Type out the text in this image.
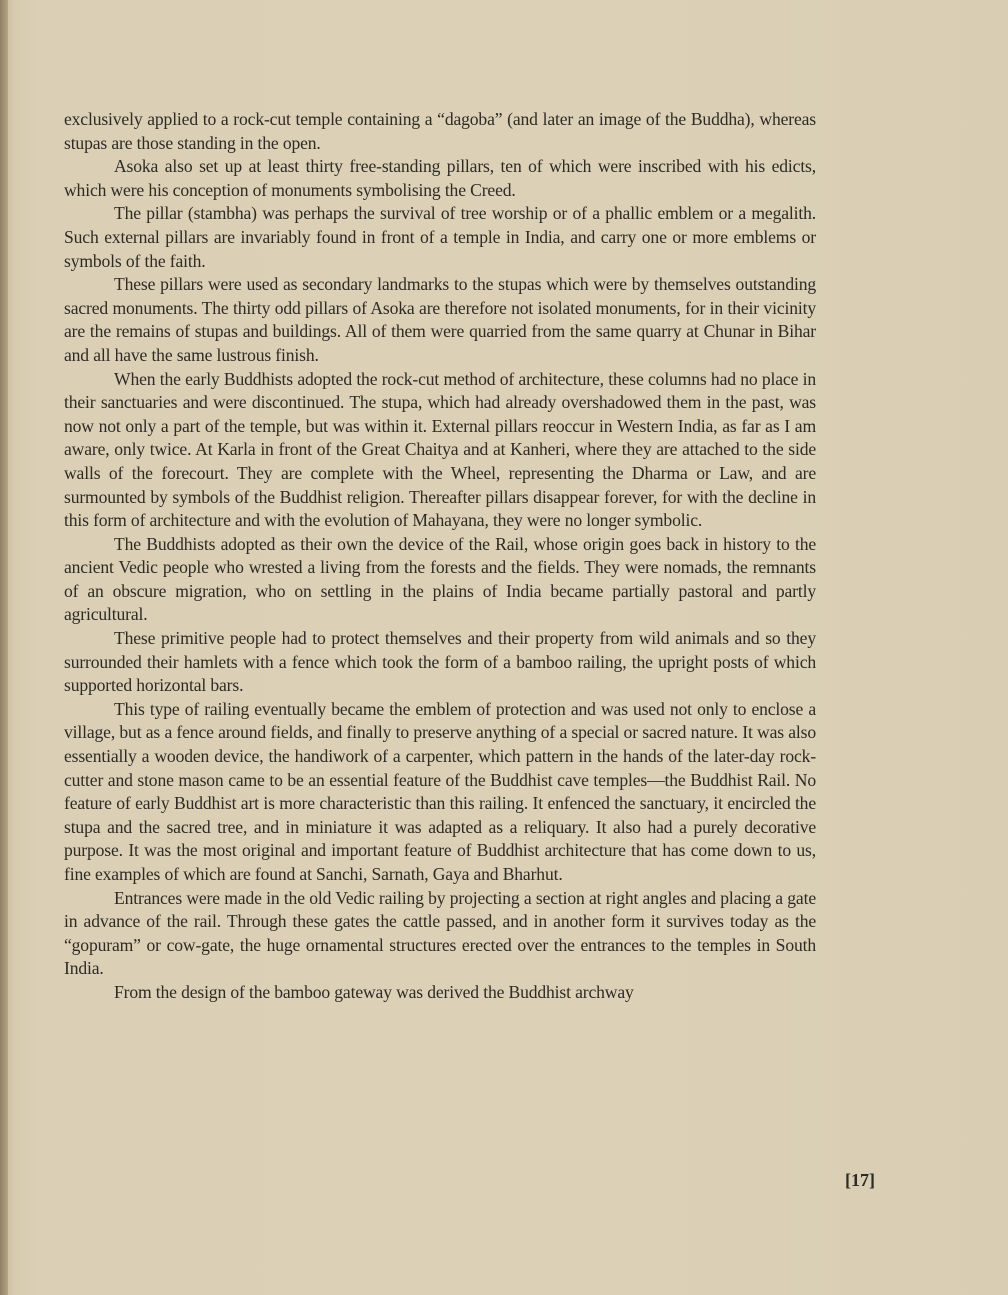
exclusively applied to a rock-cut temple containing a “dagoba” (and later an image of the Buddha), whereas stupas are those standing in the open.

Asoka also set up at least thirty free-standing pillars, ten of which were inscribed with his edicts, which were his conception of monuments symbolising the Creed.

The pillar (stambha) was perhaps the survival of tree worship or of a phallic emblem or a megalith. Such external pillars are invariably found in front of a temple in India, and carry one or more emblems or symbols of the faith.

These pillars were used as secondary landmarks to the stupas which were by themselves outstanding sacred monuments. The thirty odd pillars of Asoka are therefore not isolated monuments, for in their vicinity are the remains of stupas and buildings. All of them were quarried from the same quarry at Chunar in Bihar and all have the same lustrous finish.

When the early Buddhists adopted the rock-cut method of architecture, these columns had no place in their sanctuaries and were discontinued. The stupa, which had already overshadowed them in the past, was now not only a part of the temple, but was within it. External pillars reoccur in Western India, as far as I am aware, only twice. At Karla in front of the Great Chaitya and at Kanheri, where they are attached to the side walls of the forecourt. They are complete with the Wheel, representing the Dharma or Law, and are surmounted by symbols of the Buddhist religion. Thereafter pillars disappear forever, for with the decline in this form of architecture and with the evolution of Mahayana, they were no longer symbolic.

The Buddhists adopted as their own the device of the Rail, whose origin goes back in history to the ancient Vedic people who wrested a living from the forests and the fields. They were nomads, the remnants of an obscure migration, who on settling in the plains of India became partially pastoral and partly agricultural.

These primitive people had to protect themselves and their property from wild animals and so they surrounded their hamlets with a fence which took the form of a bamboo railing, the upright posts of which supported horizontal bars.

This type of railing eventually became the emblem of protection and was used not only to enclose a village, but as a fence around fields, and finally to preserve anything of a special or sacred nature. It was also essentially a wooden device, the handiwork of a carpenter, which pattern in the hands of the later-day rock-cutter and stone mason came to be an essential feature of the Buddhist cave temples—the Buddhist Rail. No feature of early Buddhist art is more characteristic than this railing. It enfenced the sanctuary, it encircled the stupa and the sacred tree, and in miniature it was adapted as a reliquary. It also had a purely decorative purpose. It was the most original and important feature of Buddhist architecture that has come down to us, fine examples of which are found at Sanchi, Sarnath, Gaya and Bharhut.

Entrances were made in the old Vedic railing by projecting a section at right angles and placing a gate in advance of the rail. Through these gates the cattle passed, and in another form it survives today as the “gopuram” or cow-gate, the huge ornamental structures erected over the entrances to the temples in South India.

From the design of the bamboo gateway was derived the Buddhist archway

[17]
